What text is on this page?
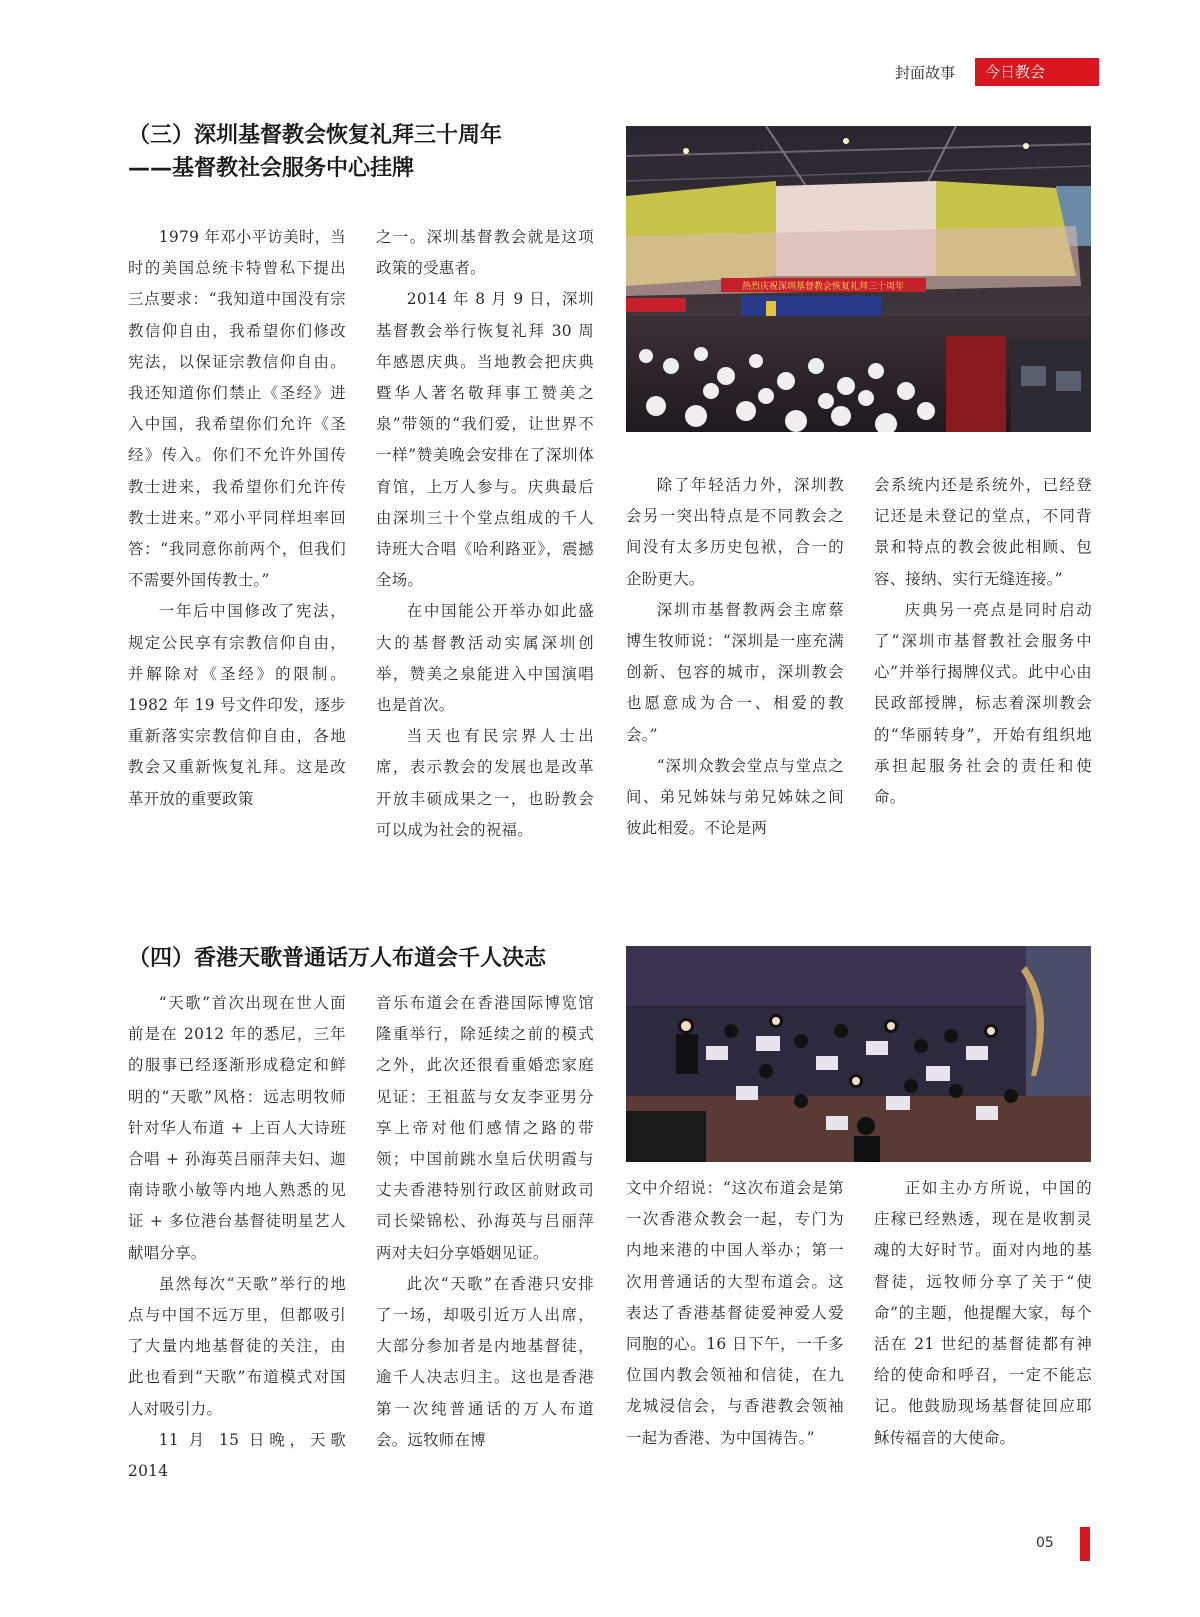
封面故事	今日教会
（三）深圳基督教会恢复礼拜三十周年
——基督教社会服务中心挂牌
热烈庆祝深圳基督教会恢复礼拜三十周年

1979 年邓小平访美时，当时的美国总统卡特曾私下提出三点要求：“我知道中国没有宗教信仰自由，我希望你们修改宪法，以保证宗教信仰自由。我还知道你们禁止《圣经》进入中国，我希望你们允许《圣经》传入。你们不允许外国传教士进来，我希望你们允许传教士进来。”邓小平同样坦率回答：“我同意你前两个，但我们不需要外国传教士。”

一年后中国修改了宪法，规定公民享有宗教信仰自由，并解除对《圣经》的限制。1982 年 19 号文件印发，逐步重新落实宗教信仰自由，各地教会又重新恢复礼拜。这是改革开放的重要政策

之一。深圳基督教会就是这项政策的受惠者。

2014 年 8 月 9 日，深圳基督教会举行恢复礼拜 30 周年感恩庆典。当地教会把庆典暨华人著名敬拜事工赞美之泉”带领的“我们爱，让世界不一样”赞美晚会安排在了深圳体育馆，上万人参与。庆典最后由深圳三十个堂点组成的千人诗班大合唱《哈利路亚》，震撼全场。

在中国能公开举办如此盛大的基督教活动实属深圳创举，赞美之泉能进入中国演唱也是首次。

当天也有民宗界人士出席，表示教会的发展也是改革开放丰硕成果之一，也盼教会可以成为社会的祝福。

除了年轻活力外，深圳教会另一突出特点是不同教会之间没有太多历史包袱，合一的企盼更大。

深圳市基督教两会主席蔡博生牧师说：“深圳是一座充满创新、包容的城市，深圳教会也愿意成为合一、相爱的教会。”

“深圳众教会堂点与堂点之间、弟兄姊妹与弟兄姊妹之间彼此相爱。不论是两

会系统内还是系统外，已经登记还是未登记的堂点，不同背景和特点的教会彼此相顾、包容、接纳、实行无缝连接。”

庆典另一亮点是同时启动了“深圳市基督教社会服务中心”并举行揭牌仪式。此中心由民政部授牌，标志着深圳教会的“华丽转身”，开始有组织地承担起服务社会的责任和使命。

（四）香港天歌普通话万人布道会千人决志

“天歌”首次出现在世人面前是在 2012 年的悉尼，三年的服事已经逐渐形成稳定和鲜明的“天歌”风格：远志明牧师针对华人布道 + 上百人大诗班合唱 + 孙海英吕丽萍夫妇、迦南诗歌小敏等内地人熟悉的见证 + 多位港台基督徒明星艺人献唱分享。

虽然每次“天歌”举行的地点与中国不远万里，但都吸引了大量内地基督徒的关注，由此也看到“天歌”布道模式对国人对吸引力。

11 月 15 日晚，天歌 2014

音乐布道会在香港国际博览馆隆重举行，除延续之前的模式之外，此次还很看重婚恋家庭见证：王祖蓝与女友李亚男分享上帝对他们感情之路的带领；中国前跳水皇后伏明霞与丈夫香港特别行政区前财政司司长梁锦松、孙海英与吕丽萍两对夫妇分享婚姻见证。

此次“天歌”在香港只安排了一场，却吸引近万人出席，大部分参加者是内地基督徒，逾千人决志归主。这也是香港第一次纯普通话的万人布道会。远牧师在博

文中介绍说：“这次布道会是第一次香港众教会一起，专门为内地来港的中国人举办；第一次用普通话的大型布道会。这表达了香港基督徒爱神爱人爱同胞的心。16 日下午，一千多位国内教会领袖和信徒，在九龙城浸信会，与香港教会领袖一起为香港、为中国祷告。”

正如主办方所说，中国的庄稼已经熟透，现在是收割灵魂的大好时节。面对内地的基督徒，远牧师分享了关于“使命”的主题，他提醒大家，每个活在 21 世纪的基督徒都有神给的使命和呼召，一定不能忘记。他鼓励现场基督徒回应耶稣传福音的大使命。

05
